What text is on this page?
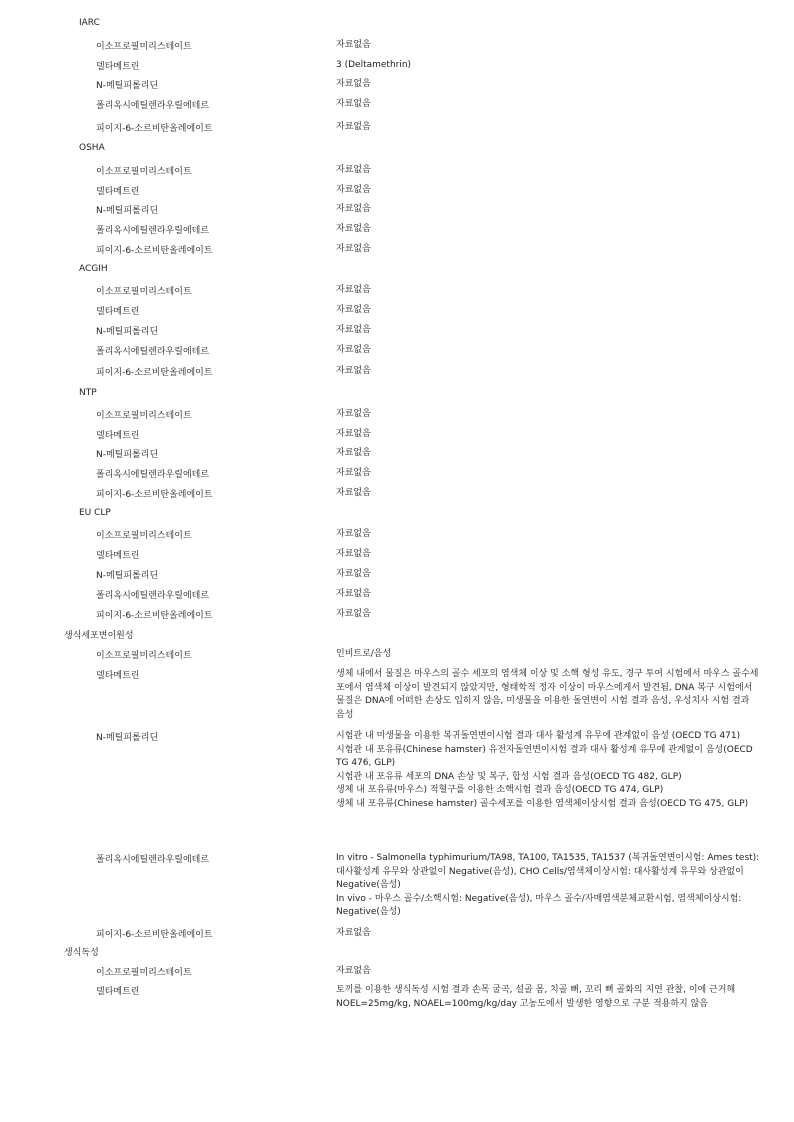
IARC
이소프로필미리스테이트	자료없음
델타메트린	3 (Deltamethrin)
N-메틸피롤리딘	자료없음
폴리옥시에틸렌라우릴에테르	자료없음
피이지-6-소르비탄올레에이트	자료없음
OSHA
이소프로필미리스테이트	자료없음
델타메트린	자료없음
N-메틸피롤리딘	자료없음
폴리옥시에틸렌라우릴에테르	자료없음
피이지-6-소르비탄올레에이트	자료없음
ACGIH
이소프로필미리스테이트	자료없음
델타메트린	자료없음
N-메틸피롤리딘	자료없음
폴리옥시에틸렌라우릴에테르	자료없음
피이지-6-소르비탄올레에이트	자료없음
NTP
이소프로필미리스테이트	자료없음
델타메트린	자료없음
N-메틸피롤리딘	자료없음
폴리옥시에틸렌라우릴에테르	자료없음
피이지-6-소르비탄올레에이트	자료없음
EU CLP
이소프로필미리스테이트	자료없음
델타메트린	자료없음
N-메틸피롤리딘	자료없음
폴리옥시에틸렌라우릴에테르	자료없음
피이지-6-소르비탄올레에이트	자료없음
생식세포변이원성
이소프로필미리스테이트	인비트로/음성
델타메트린	생체 내에서 물질은 마우스의 골수 세포의 염색체 이상 및 소핵 형성 유도, 경구 투여 시험에서 마우스 골수세포에서 염색체 이상이 발견되지 않았지만, 형태학적 정자 이상이 마우스에게서 발견됨, DNA 복구 시험에서 물질은 DNA에 어떠한 손상도 입히지 않음, 미생물을 이용한 돌연변이 시험 결과 음성, 우성치사 시험 결과 음성
N-메틸피롤리딘	시험관 내 미생물을 이용한 복귀돌연변이시험 결과 대사 활성계 유무에 관계없이 음성 (OECD TG 471)
시험관 내 포유류(Chinese hamster) 유전자돌연변이시험 결과 대사 활성계 유무에 관계없이 음성(OECD TG 476, GLP)
시험관 내 포유류 세포의 DNA 손상 및 복구, 합성 시험 결과 음성(OECD TG 482, GLP)
생체 내 포유류(마우스) 적혈구를 이용한 소핵시험 결과 음성(OECD TG 474, GLP)
생체 내 포유류(Chinese hamster) 골수세포를 이용한 염색체이상시험 결과 음성(OECD TG 475, GLP)
폴리옥시에틸렌라우릴에테르	In vitro - Salmonella typhimurium/TA98, TA100, TA1535, TA1537 (복귀돌연변이시험: Ames test): 대사활성계 유무와 상관없이 Negative(음성), CHO Cells/염색체이상시험: 대사활성계 유무와 상관없이 Negative(음성)
In vivo - 마우스 골수/소핵시험: Negative(음성), 마우스 골수/자매염색분체교환시험, 염색체이상시험: Negative(음성)
피이지-6-소르비탄올레에이트	자료없음
생식독성
이소프로필미리스테이트	자료없음
델타메트린	토끼를 이용한 생식독성 시험 결과 손목 굴곡, 설골 몸, 치골 뼈, 꼬리 뼈 골화의 지연 관찰, 이에 근거해 NOEL=25mg/kg, NOAEL=100mg/kg/day 고농도에서 발생한 영향으로 구분 적용하지 않음
